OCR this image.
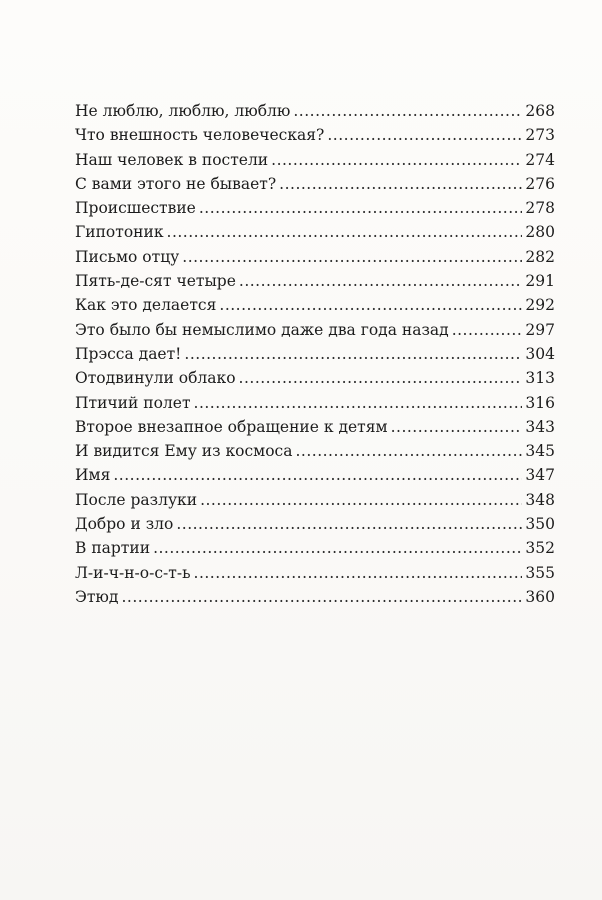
Не люблю, люблю, люблю .....	268
Что внешность человеческая? .....	273
Наш человек в постели .....	274
С вами этого не бывает? .....	276
Происшествие .....	278
Гипотоник .....	280
Письмо отцу .....	282
Пять-де-сят четыре .....	291
Как это делается .....	292
Это было бы немыслимо даже два года назад .....	297
Прэсса дает! .....	304
Отодвинули облако .....	313
Птичий полет .....	316
Второе внезапное обращение к детям .....	343
И видится Ему из космоса .....	345
Имя .....	347
После разлуки .....	348
Добро и зло .....	350
В партии .....	352
Л-и-ч-н-о-с-т-ь .....	355
Этюд .....	360
